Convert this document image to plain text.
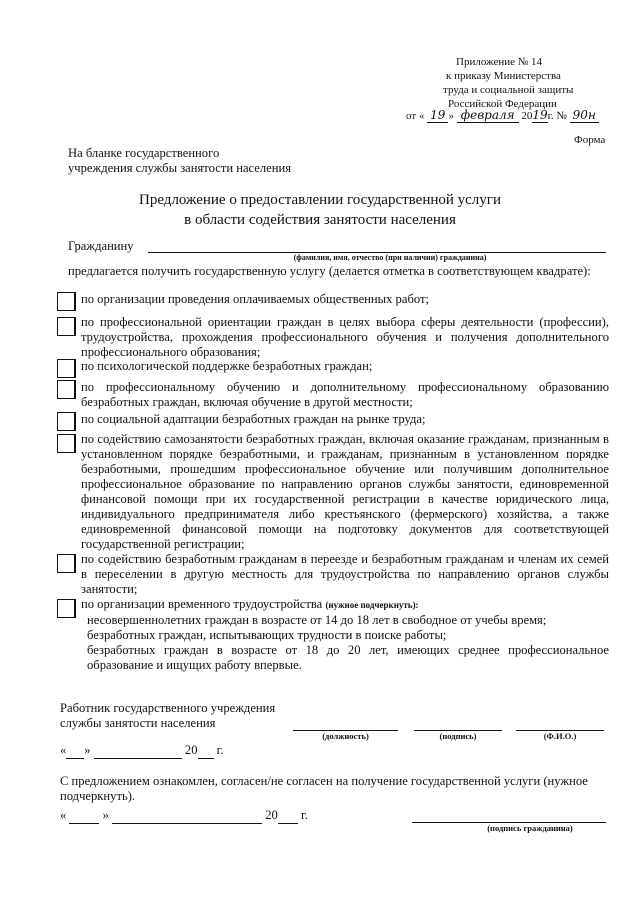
Приложение № 14
к приказу Министерства
труда и социальной защиты
Российской Федерации
от « 19 » февраля 2019г. № 90н
Форма
На бланке государственного
учреждения службы занятости населения
Предложение о предоставлении государственной услуги
в области содействия занятости населения
Гражданину
(фамилия, имя, отчество (при наличии) гражданина)
предлагается получить государственную услугу (делается отметка в соответствующем квадрате):
по организации проведения оплачиваемых общественных работ;
по профессиональной ориентации граждан в целях выбора сферы деятельности (профессии), трудоустройства, прохождения профессионального обучения и получения дополнительного профессионального образования;
по психологической поддержке безработных граждан;
по профессиональному обучению и дополнительному профессиональному образованию безработных граждан, включая обучение в другой местности;
по социальной адаптации безработных граждан на рынке труда;
по содействию самозанятости безработных граждан, включая оказание гражданам, признанным в установленном порядке безработными, и гражданам, признанным в установленном порядке безработными, прошедшим профессиональное обучение или получившим дополнительное профессиональное образование по направлению органов службы занятости, единовременной финансовой помощи при их государственной регистрации в качестве юридического лица, индивидуального предпринимателя либо крестьянского (фермерского) хозяйства, а также единовременной финансовой помощи на подготовку документов для соответствующей государственной регистрации;
по содействию безработным гражданам в переезде и безработным гражданам и членам их семей в переселении в другую местность для трудоустройства по направлению органов службы занятости;
по организации временного трудоустройства (нужное подчеркнуть):
несовершеннолетних граждан в возрасте от 14 до 18 лет в свободное от учебы время;
безработных граждан, испытывающих трудности в поиске работы;
безработных граждан в возрасте от 18 до 20 лет, имеющих среднее профессиональное образование и ищущих работу впервые.
Работник государственного учреждения
службы занятости населения
(должность)	(подпись)	(Ф.И.О.)
« »	20 г.
С предложением ознакомлен, согласен/не согласен на получение государственной услуги (нужное подчеркнуть).
«	»	20 г.
(подпись гражданина)
